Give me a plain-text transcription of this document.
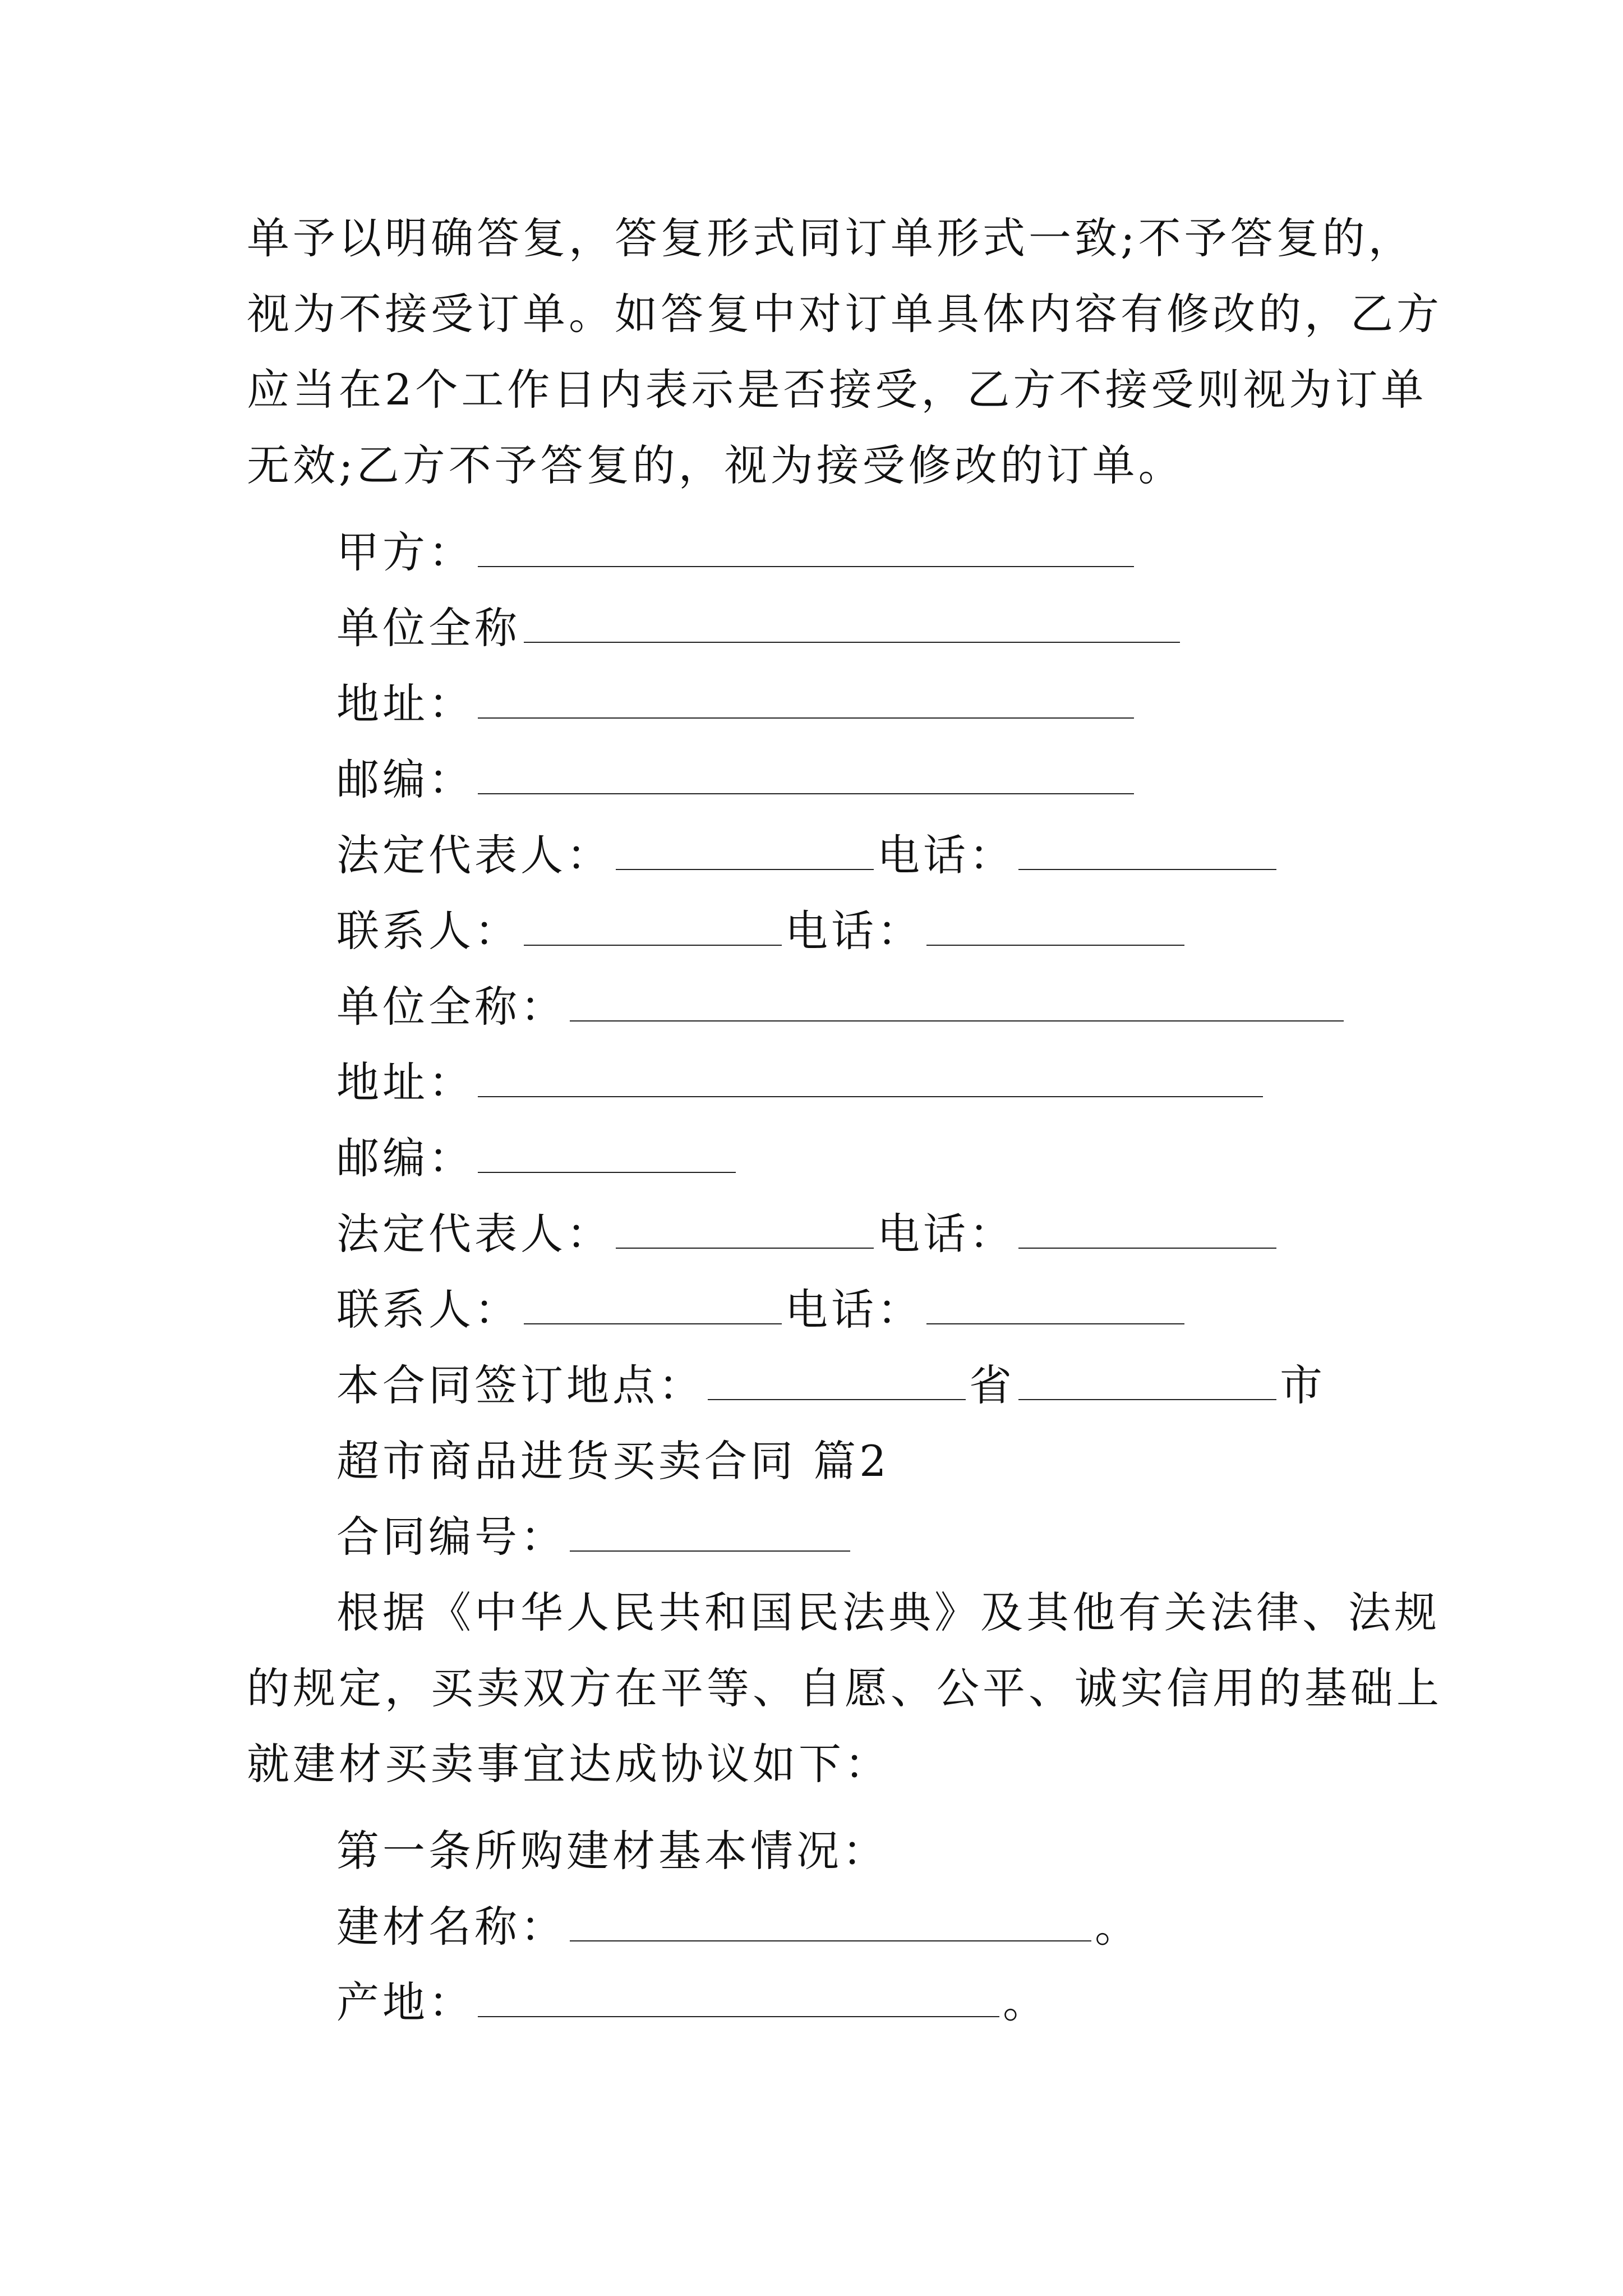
单予以明确答复，答复形式同订单形式一致;不予答复的，
视为不接受订单。如答复中对订单具体内容有修改的，乙方
应当在2个工作日内表示是否接受，乙方不接受则视为订单
无效;乙方不予答复的，视为接受修改的订单。
甲方：
单位全称
地址：
邮编：
法定代表人：	电话：
联系人：	电话：
单位全称：
地址：
邮编：
法定代表人：	电话：
联系人：	电话：
本合同签订地点：	省	市
超市商品进货买卖合同 篇2
合同编号：
根据《中华人民共和国民法典》及其他有关法律、法规
的规定，买卖双方在平等、自愿、公平、诚实信用的基础上
就建材买卖事宜达成协议如下：
第一条所购建材基本情况：
建材名称：	。
产地：	。
